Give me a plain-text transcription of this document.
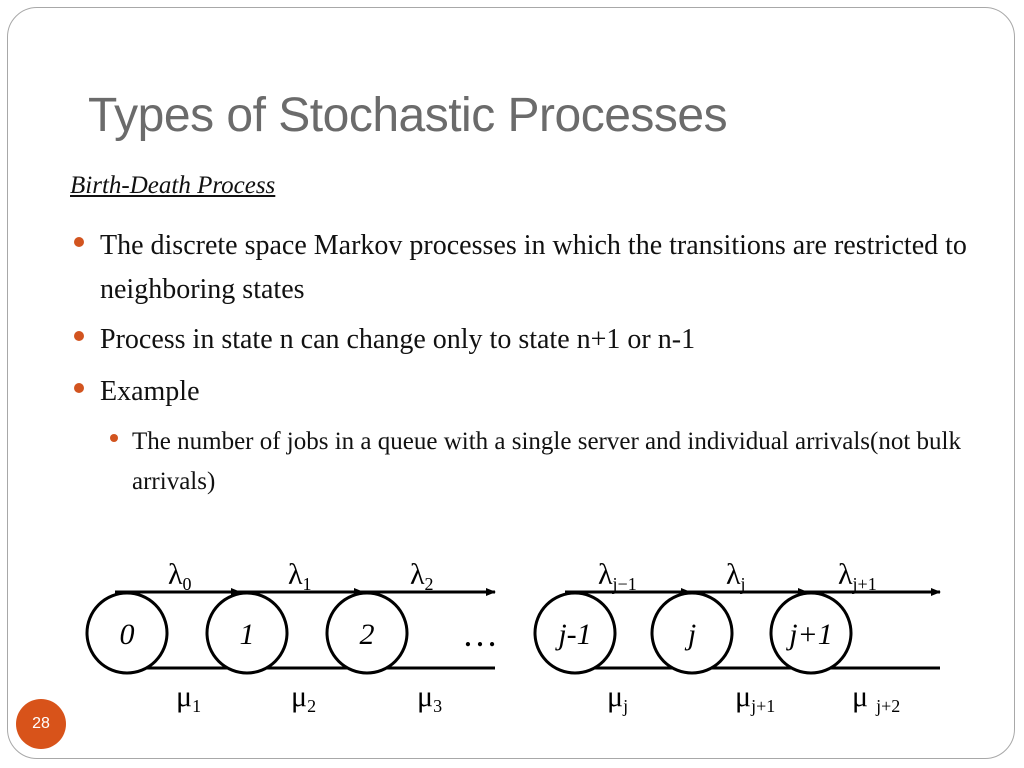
Types of Stochastic Processes
Birth-Death Process
The discrete space Markov processes in which the transitions are restricted to neighboring states
Process in state n can change only to state n+1 or n-1
Example
The number of jobs in a queue with a single server and individual arrivals(not bulk arrivals)
0	1	2	j-1	j	j+1
…
$\lambda_0$	$\lambda_1$	$\lambda_2$	$\lambda_{j-1}$	$\lambda_j$	$\lambda_{j+1}$
$\mu_1$	$\mu_2$	$\mu_3$	$\mu_j$	$\mu_{j+1}$	μ $_{j+2}$
28
